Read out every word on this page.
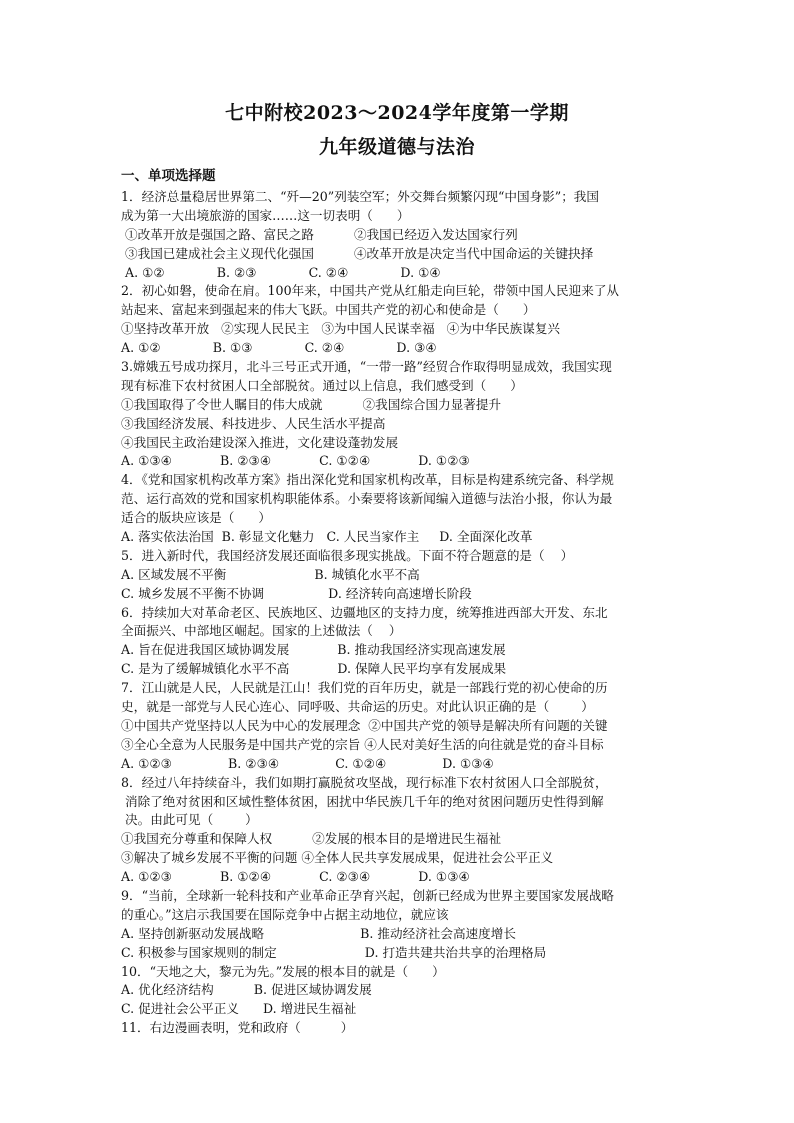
七中附校2023～2024学年度第一学期
九年级道德与法治
一、单项选择题
1．经济总量稳居世界第二、“歼—20”列装空军；外交舞台频繁闪现“中国身影”；我国
成为第一大出境旅游的国家……这一切表明（      ）
①改革开放是强国之路、富民之路          ②我国已经迈入发达国家行列
③我国已建成社会主义现代化强国          ④改革开放是决定当代中国命运的关键抉择
A. ①②             B. ②③             C. ②④             D. ①④
2．初心如磐，使命在肩。100年来，中国共产党从红船走向巨轮，带领中国人民迎来了从
站起来、富起来到强起来的伟大飞跃。中国共产党的初心和使命是（      ）
①坚持改革开放   ②实现人民民主   ③为中国人民谋幸福   ④为中华民族谋复兴
A. ①②             B. ①③             C. ②④             D. ③④
3.嫦娥五号成功探月，北斗三号正式开通，“一带一路”经贸合作取得明显成效，我国实现
现有标准下农村贫困人口全部脱贫。通过以上信息，我们感受到（      ）
①我国取得了令世人瞩目的伟大成就          ②我国综合国力显著提升
③我国经济发展、科技进步、人民生活水平提高
④我国民主政治建设深入推进，文化建设蓬勃发展
A. ①③④            B. ②③④            C. ①②④            D. ①②③
4．《党和国家机构改革方案》指出深化党和国家机构改革，目标是构建系统完备、科学规
范、运行高效的党和国家机构职能体系。小秦要将该新闻编入道德与法治小报，你认为最
适合的版块应该是（      ）
A. 落实依法治国  B. 彰显文化魅力   C. 人民当家作主     D. 全面深化改革
5．进入新时代，我国经济发展还面临很多现实挑战。下面不符合题意的是（    ）
A. 区域发展不平衡                      B. 城镇化水平不高
C. 城乡发展不平衡不协调                D. 经济转向高速增长阶段
6．持续加大对革命老区、民族地区、边疆地区的支持力度，统筹推进西部大开发、东北
全面振兴、中部地区崛起。国家的上述做法（    ）
A. 旨在促进我国区域协调发展            B. 推动我国经济实现高速发展
C. 是为了缓解城镇化水平不高            D. 保障人民平均享有发展成果
7．江山就是人民，人民就是江山！我们党的百年历史，就是一部践行党的初心使命的历
史，就是一部党与人民心连心、同呼吸、共命运的历史。对此认识正确的是（        ）
①中国共产党坚持以人民为中心的发展理念  ②中国共产党的领导是解决所有问题的关键
③全心全意为人民服务是中国共产党的宗旨 ④人民对美好生活的向往就是党的奋斗目标
A. ①②③              B. ②③④              C. ①②④              D. ①③④
8．经过八年持续奋斗，我们如期打赢脱贫攻坚战，现行标准下农村贫困人口全部脱贫，
消除了绝对贫困和区域性整体贫困，困扰中华民族几千年的绝对贫困问题历史性得到解
决。由此可见（        ）
①我国充分尊重和保障人权          ②发展的根本目的是增进民生福祉
③解决了城乡发展不平衡的问题 ④全体人民共享发展成果，促进社会公平正义
A. ①②③            B. ①②④            C. ②③④            D. ①③④
9．“当前，全球新一轮科技和产业革命正孕育兴起，创新已经成为世界主要国家发展战略
的重心。”这启示我国要在国际竞争中占据主动地位，就应该
A. 坚持创新驱动发展战略                        B. 推动经济社会高速度增长
C. 积极参与国家规则的制定                      D. 打造共建共治共享的治理格局
10．“天地之大，黎元为先。”发展的根本目的就是（      ）
A. 优化经济结构          B. 促进区域协调发展
C. 促进社会公平正义      D. 增进民生福祉
11．右边漫画表明，党和政府（          ）
